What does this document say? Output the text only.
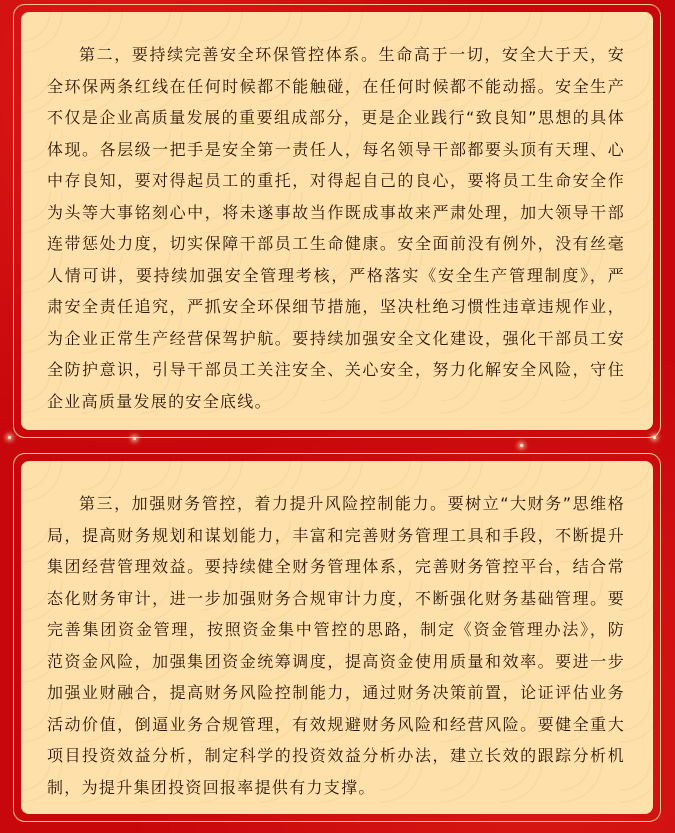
第二，要持续完善安全环保管控体系。生命高于一切，安全大于天，安全环保两条红线在任何时候都不能触碰，在任何时候都不能动摇。安全生产不仅是企业高质量发展的重要组成部分，更是企业践行“致良知”思想的具体体现。各层级一把手是安全第一责任人，每名领导干部都要头顶有天理、心中存良知，要对得起员工的重托，对得起自己的良心，要将员工生命安全作为头等大事铭刻心中，将未遂事故当作既成事故来严肃处理，加大领导干部连带惩处力度，切实保障干部员工生命健康。安全面前没有例外，没有丝毫人情可讲，要持续加强安全管理考核，严格落实《安全生产管理制度》，严肃安全责任追究，严抓安全环保细节措施，坚决杜绝习惯性违章违规作业，为企业正常生产经营保驾护航。要持续加强安全文化建设，强化干部员工安全防护意识，引导干部员工关注安全、关心安全，努力化解安全风险，守住企业高质量发展的安全底线。

第三，加强财务管控，着力提升风险控制能力。要树立“大财务”思维格局，提高财务规划和谋划能力，丰富和完善财务管理工具和手段，不断提升集团经营管理效益。要持续健全财务管理体系，完善财务管控平台，结合常态化财务审计，进一步加强财务合规审计力度，不断强化财务基础管理。要完善集团资金管理，按照资金集中管控的思路，制定《资金管理办法》，防范资金风险，加强集团资金统筹调度，提高资金使用质量和效率。要进一步加强业财融合，提高财务风险控制能力，通过财务决策前置，论证评估业务活动价值，倒逼业务合规管理，有效规避财务风险和经营风险。要健全重大项目投资效益分析，制定科学的投资效益分析办法，建立长效的跟踪分析机制，为提升集团投资回报率提供有力支撑。
